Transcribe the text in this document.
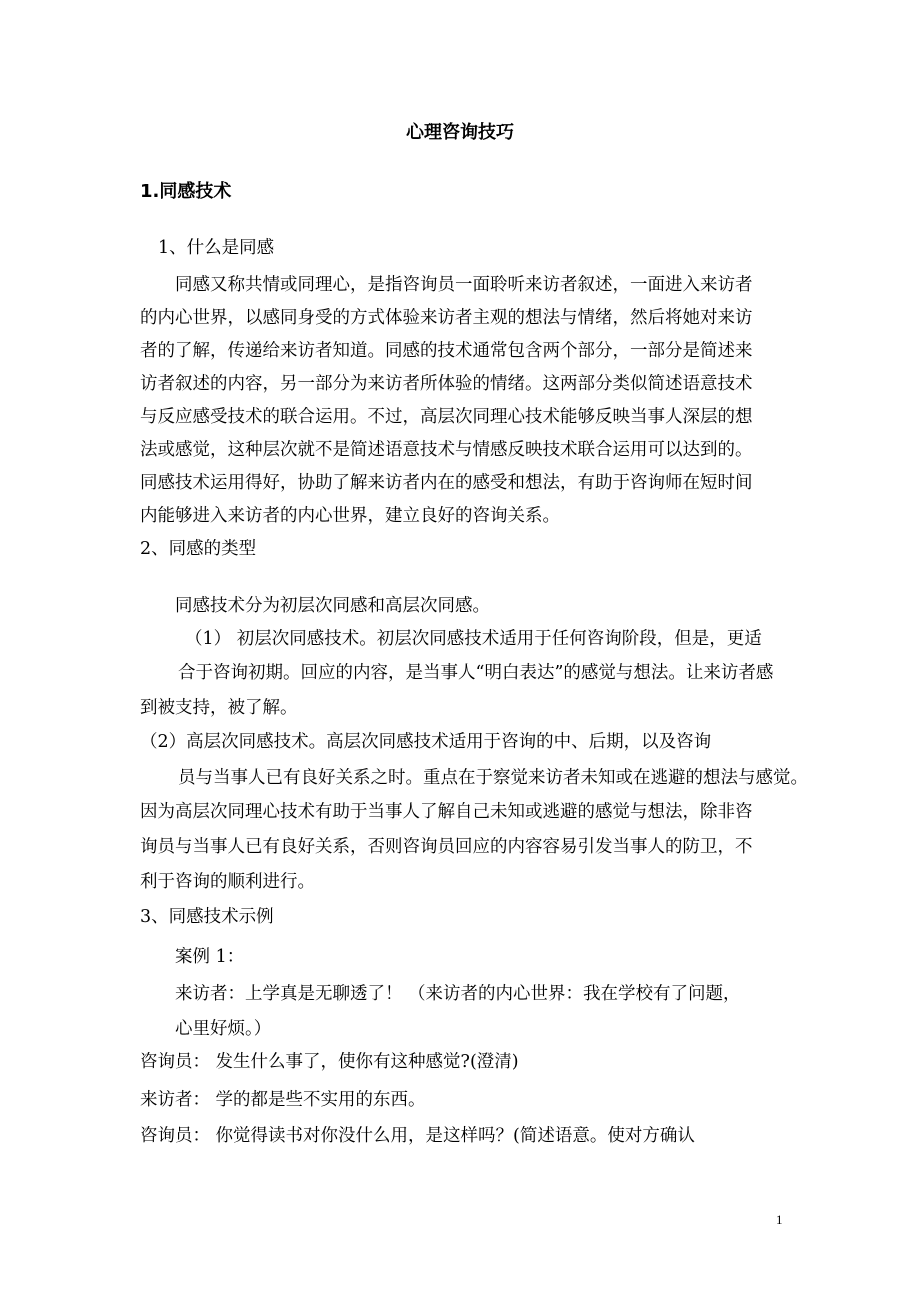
心理咨询技巧
1.同感技术
1、什么是同感
同感又称共情或同理心，是指咨询员一面聆听来访者叙述，一面进入来访者
的内心世界，以感同身受的方式体验来访者主观的想法与情绪，然后将她对来访
者的了解，传递给来访者知道。同感的技术通常包含两个部分，一部分是简述来
访者叙述的内容，另一部分为来访者所体验的情绪。这两部分类似简述语意技术
与反应感受技术的联合运用。不过，高层次同理心技术能够反映当事人深层的想
法或感觉，这种层次就不是简述语意技术与情感反映技术联合运用可以达到的。
同感技术运用得好，协助了解来访者内在的感受和想法，有助于咨询师在短时间
内能够进入来访者的内心世界，建立良好的咨询关系。
2、同感的类型
同感技术分为初层次同感和高层次同感。
（1） 初层次同感技术。初层次同感技术适用于任何咨询阶段，但是，更适
合于咨询初期。回应的内容，是当事人“明白表达”的感觉与想法。让来访者感
到被支持，被了解。
（2）高层次同感技术。高层次同感技术适用于咨询的中、后期，以及咨询
员与当事人已有良好关系之时。重点在于察觉来访者未知或在逃避的想法与感觉。
因为高层次同理心技术有助于当事人了解自己未知或逃避的感觉与想法，除非咨
询员与当事人已有良好关系，否则咨询员回应的内容容易引发当事人的防卫，不
利于咨询的顺利进行。
3、同感技术示例
案例 1：
来访者：上学真是无聊透了！ （来访者的内心世界：我在学校有了问题，
心里好烦。）
咨询员： 发生什么事了，使你有这种感觉?(澄清)
来访者： 学的都是些不实用的东西。
咨询员： 你觉得读书对你没什么用，是这样吗？(简述语意。使对方确认
1
